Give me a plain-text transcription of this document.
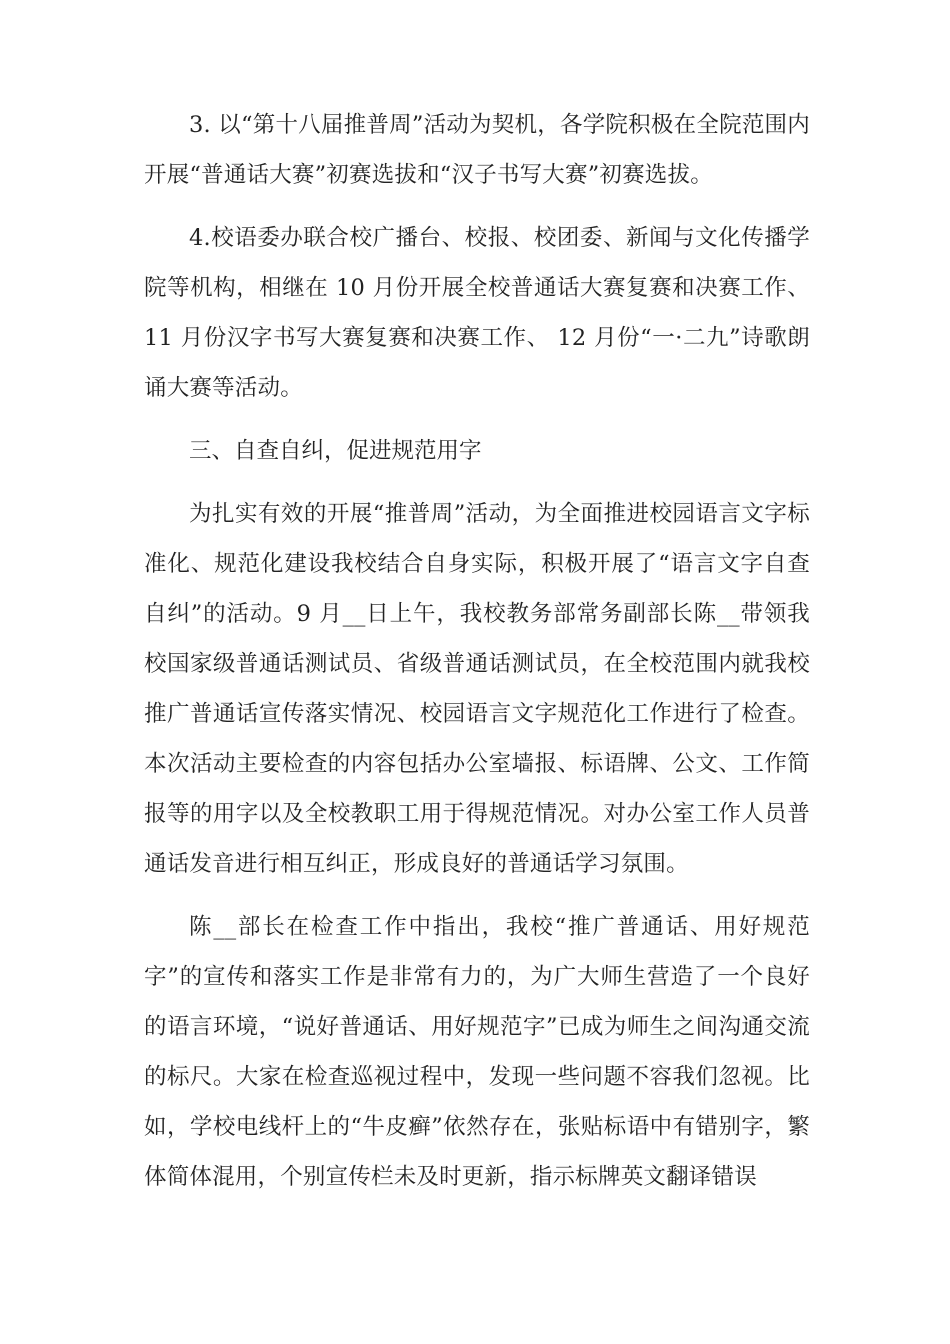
3. 以“第十八届推普周”活动为契机，各学院积极在全院范围内开展“普通话大赛”初赛选拔和“汉子书写大赛”初赛选拔。

4.校语委办联合校广播台、校报、校团委、新闻与文化传播学院等机构，相继在 10 月份开展全校普通话大赛复赛和决赛工作、11 月份汉字书写大赛复赛和决赛工作、 12 月份“一·二九”诗歌朗诵大赛等活动。

三、自查自纠，促进规范用字

为扎实有效的开展“推普周”活动，为全面推进校园语言文字标准化、规范化建设我校结合自身实际，积极开展了“语言文字自查自纠”的活动。9 月__日上午，我校教务部常务副部长陈__带领我校国家级普通话测试员、省级普通话测试员，在全校范围内就我校推广普通话宣传落实情况、校园语言文字规范化工作进行了检查。本次活动主要检查的内容包括办公室墙报、标语牌、公文、工作简报等的用字以及全校教职工用于得规范情况。对办公室工作人员普通话发音进行相互纠正，形成良好的普通话学习氛围。

陈__部长在检查工作中指出，我校“推广普通话、用好规范字”的宣传和落实工作是非常有力的，为广大师生营造了一个良好的语言环境，“说好普通话、用好规范字”已成为师生之间沟通交流的标尺。大家在检查巡视过程中，发现一些问题不容我们忽视。比如，学校电线杆上的“牛皮癣”依然存在，张贴标语中有错别字，繁体简体混用，个别宣传栏未及时更新，指示标牌英文翻译错误
